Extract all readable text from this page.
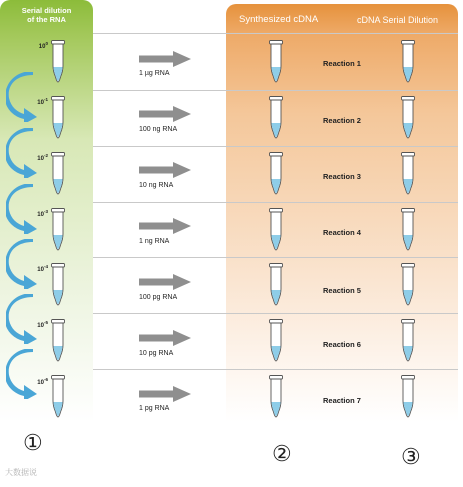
Serial dilution
of the RNA	Synthesized cDNA	cDNA Serial Dilution
$10^0$
1 µg RNA
Reaction 1
$10^{-1}$
100 ng RNA
Reaction 2
$10^{-2}$
10 ng RNA
Reaction 3
$10^{-3}$
1 ng RNA
Reaction 4
$10^{-4}$
100 pg RNA
Reaction 5
$10^{-5}$
10 pg RNA
Reaction 6
$10^{-6}$
1 pg RNA
Reaction 7
①	②	③
大数据说
